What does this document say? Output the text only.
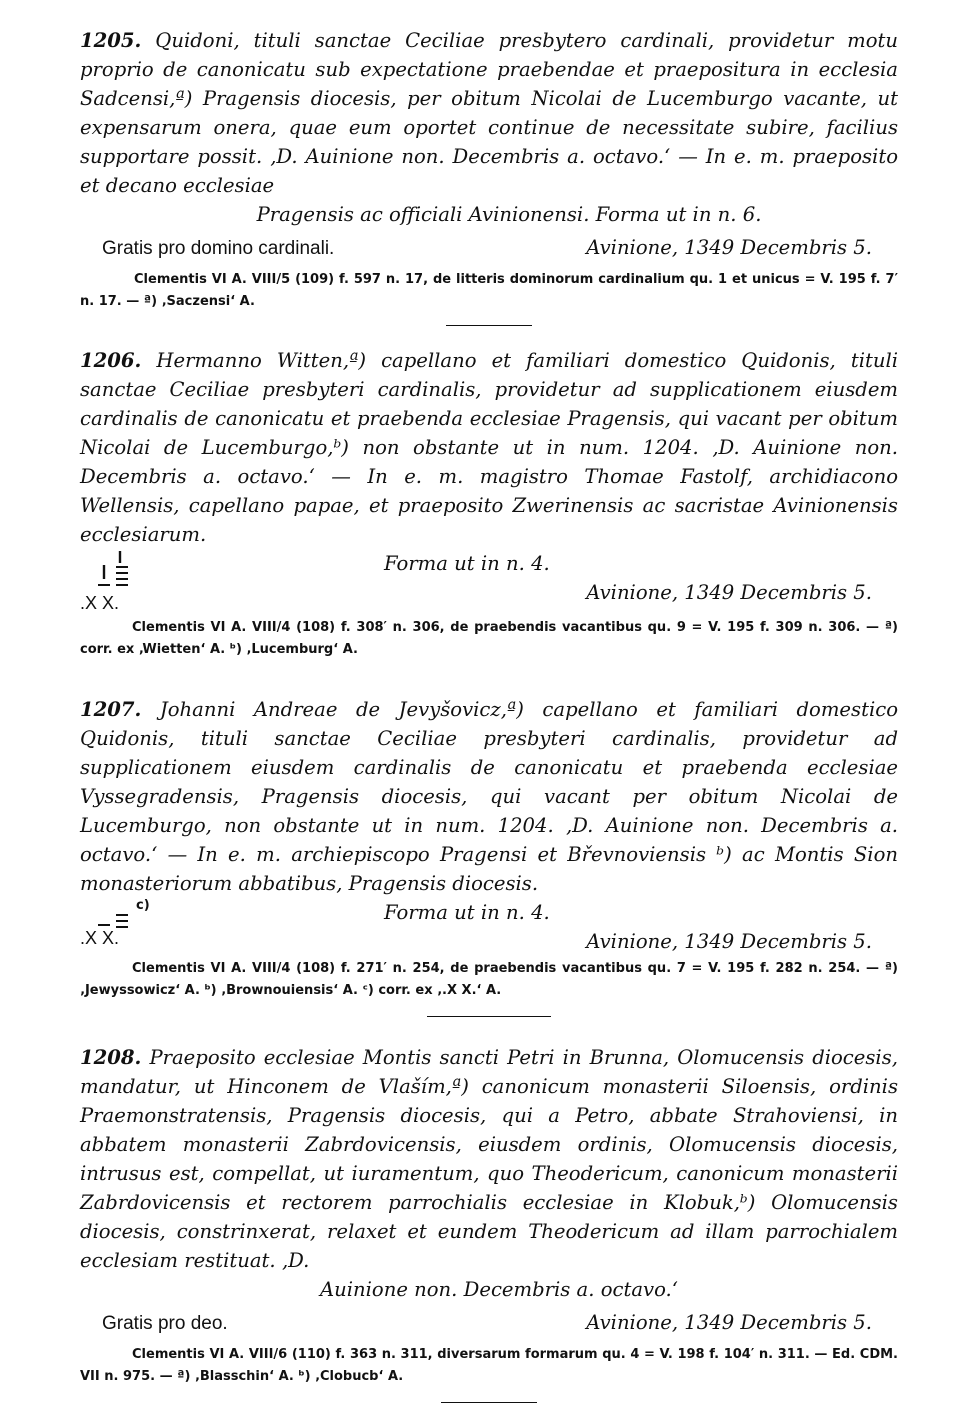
1205. Quidoni, tituli sanctae Ceciliae presbytero cardinali, providetur motu proprio de canonicatu sub expectatione praebendae et praepositura in ecclesia Sadcensi,ª) Pragensis diocesis, per obitum Nicolai de Lucemburgo vacante, ut expensarum onera, quae eum oportet continue de necessitate subire, facilius supportare possit. ‚D. Auinione non. Decembris a. octavo.‘ — In e. m. praeposito et decano ecclesiae

Pragensis ac officiali Avinionensi. Forma ut in n. 6.

Gratis pro domino cardinali.	Avinione, 1349 Decembris 5.

Clementis VI A. VIII/5 (109) f. 597 n. 17, de litteris dominorum cardinalium qu. 1 et unicus = V. 195 f. 7′ n. 17. — ª) ‚Saczensi‘ A.

1206. Hermanno Witten,ª) capellano et familiari domestico Quidonis, tituli sanctae Ceciliae presbyteri cardinalis, providetur ad supplicationem eiusdem cardinalis de canonicatu et praebenda ecclesiae Pragensis, qui vacant per obitum Nicolai de Lucemburgo,ᵇ) non obstante ut in num. 1204. ‚D. Auinione non. Decembris a. octavo.‘ — In e. m. magistro Thomae Fastolf, archidiacono Wellensis, capellano papae, et praeposito Zwerinensis ac sacristae Avinionensis ecclesiarum.

Forma ut in n. 4.
Avinione, 1349 Decembris 5.
.X X.

Clementis VI A. VIII/4 (108) f. 308′ n. 306, de praebendis vacantibus qu. 9 = V. 195 f. 309 n. 306. — ª) corr. ex ‚Wietten‘ A. ᵇ) ‚Lucemburg‘ A.

1207. Johanni Andreae de Jevyšovicz,ª) capellano et familiari domestico Quidonis, tituli sanctae Ceciliae presbyteri cardinalis, providetur ad supplicationem eiusdem cardinalis de canonicatu et praebenda ecclesiae Vyssegradensis, Pragensis diocesis, qui vacant per obitum Nicolai de Lucemburgo, non obstante ut in num. 1204. ‚D. Auinione non. Decembris a. octavo.‘ — In e. m. archiepiscopo Pragensi et Břevnoviensis ᵇ) ac Montis Sion monasteriorum abbatibus, Pragensis diocesis.

c)	Forma ut in n. 4.
Avinione, 1349 Decembris 5.
.X X.

Clementis VI A. VIII/4 (108) f. 271′ n. 254, de praebendis vacantibus qu. 7 = V. 195 f. 282 n. 254. — ª) ‚Jewyssowicz‘ A. ᵇ) ‚Brownouiensis‘ A. ᶜ) corr. ex ‚.X X.‘ A.

1208. Praeposito ecclesiae Montis sancti Petri in Brunna, Olomucensis diocesis, mandatur, ut Hinconem de Vlaším,ª) canonicum monasterii Siloensis, ordinis Praemonstratensis, Pragensis diocesis, qui a Petro, abbate Strahoviensi, in abbatem monasterii Zabrdovicensis, eiusdem ordinis, Olomucensis diocesis, intrusus est, compellat, ut iuramentum, quo Theodericum, canonicum monasterii Zabrdovicensis et rectorem parrochialis ecclesiae in Klobuk,ᵇ) Olomucensis diocesis, constrinxerat, relaxet et eundem Theodericum ad illam parrochialem ecclesiam restituat. ‚D.

Auinione non. Decembris a. octavo.‘

Gratis pro deo.	Avinione, 1349 Decembris 5.

Clementis VI A. VIII/6 (110) f. 363 n. 311, diversarum formarum qu. 4 = V. 198 f. 104′ n. 311. — Ed. CDM. VII n. 975. — ª) ‚Blasschin‘ A. ᵇ) ‚Clobucb‘ A.
